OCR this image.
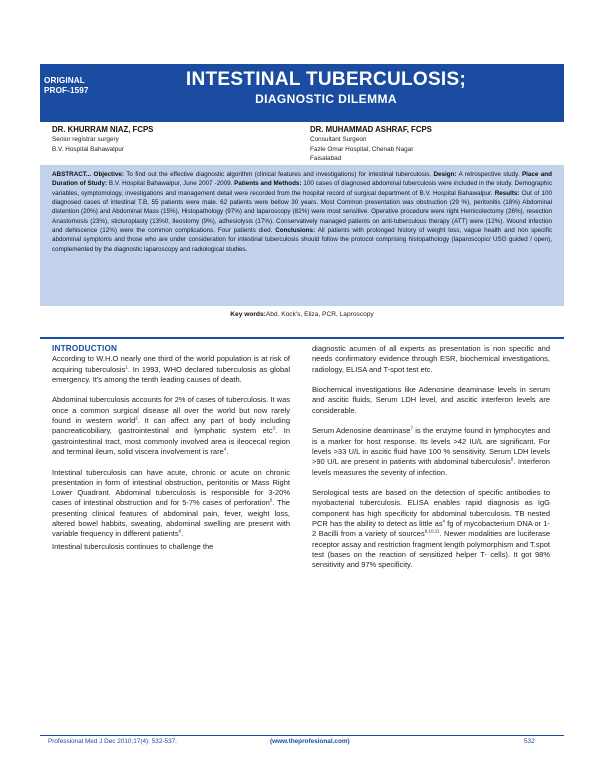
ORIGINAL
PROF-1597
INTESTINAL TUBERCULOSIS;
DIAGNOSTIC DILEMMA
DR. KHURRAM NIAZ, FCPS
Senior registrar surgery
B.V. Hospital Bahawalpur
DR. MUHAMMAD ASHRAF, FCPS
Consultant Surgeon
Fazle Omar Hospital, Chenab Nagar
Faisalabad

ABSTRACT... Objective: To find out the effective diagnostic algorithm (clinical features and investigations) for intestinal tuberculosis. Design: A retrospective study. Place and Duration of Study: B.V. Hospital Bahawalpur, June 2007 -2009. Patients and Methods: 100 cases of diagnosed abdominal tuberculosis were included in the study. Demographic variables, symptomology, investigations and management detail were recorded from the hospital record of surgical department of B.V. Hospital Bahawalpur. Results: Out of 100 diagnosed cases of intestinal T.B, 55 patients were male. 62 patients were bellow 30 years. Most Common presentation was obstruction (29 %), peritonitis (18%) Abdominal distention (20%) and Abdominal Mass (15%), Histopathology (97%) and laparoscopy (82%) were most sensitive. Operative procedure were right Hemicolectomy (26%), resection Anastomosis (23%), sticturoplasty (13%0, Ileostomy (9%), adhesiolysis (17%). Conservatively managed patients on anti-tuberculous therapy (ATT) were (12%). Wound infection and dehiscence (12%) were the common complications. Four patients died. Conclusions: All patients with prolonged history of weight loss, vague health and non specific abdominal symptoms and those who are under consideration for intestinal tuberculosis should follow the protocol comprising histopathology (laparoscopic/ USG guided / open), complemented by the diagnostic laparoscopy and radiological studies.

Key words:Abd. Kock's, Eliza, PCR, Laproscopy
INTRODUCTION

According to W.H.O nearly one third of the world population is at risk of acquiring tuberculosis$^1$. In 1993, WHO declared tuberculosis as global emergency. It's among the tenth leading causes of death.

Abdominal tuberculosis accounts for 2% of cases of tuberculosis. It was once a common surgical disease all over the world but now rarely found in western world$^2$. It can affect any part of body including pancreaticobiliary, gastrointestinal and lymphatic system etc$^3$. In gastrointestinal tract, most commonly involved area is ileocecal region and terminal ileum, solid viscera involvement is rare$^4$.

Intestinal tuberculosis can have acute, chronic or acute on chronic presentation in form of intestinal obstruction, peritonitis or Mass Right Lower Quadrant. Abdominal tuberculosis is responsible for 3-20% cases of intestinal obstruction and for 5-7% cases of perforation$^5$. The presenting clinical features of abdominal pain, fever, weight loss, altered bowel habbits, sweating, abdominal swelling are present with variable frequency in different patients$^6$.

Intestinal tuberculosis continues to challenge the

diagnostic acumen of all experts as presentation is non specific and needs confirmatory evidence through ESR, biochemical investigations, radiology, ELISA and T-spot test etc.

Biochemical investigations like Adenosine deaminase levels in serum and ascitic fluids, Serum LDH level, and ascitic interferon levels are considerable.

Serum Adenosine deaminase$^7$ is the enzyme found in lymphocytes and is a marker for host response. Its levels >42 IU/L are significant. For levels >33 U/L in ascitic fluid have 100 % sensitivity. Serum LDH levels >90 U/L are present in patients with abdominal tuberculosis$^8$. Interferon levels measures the severity of infection.

Serological tests are based on the detection of specific antibodies to myobacterial tuberculosis. ELISA enables rapid diagnosis as IgG component has high specificity for abdominal tuberculosis. TB nested PCR has the ability to detect as little $as^4$ fg of mycobacterium DNA or 1-2 Bacilli from a variety of sources$^{9,10,11}$. Newer modalities are luciferase receptor assay and restriction fragment length polymorphism and T.spot test (bases on the reaction of sensitized helper T- cells). It got 98% sensitivity and 97% specificity.

Professional Med J Dec 2010;17(4): 532-537.	(www.theprofesional.com)	532
